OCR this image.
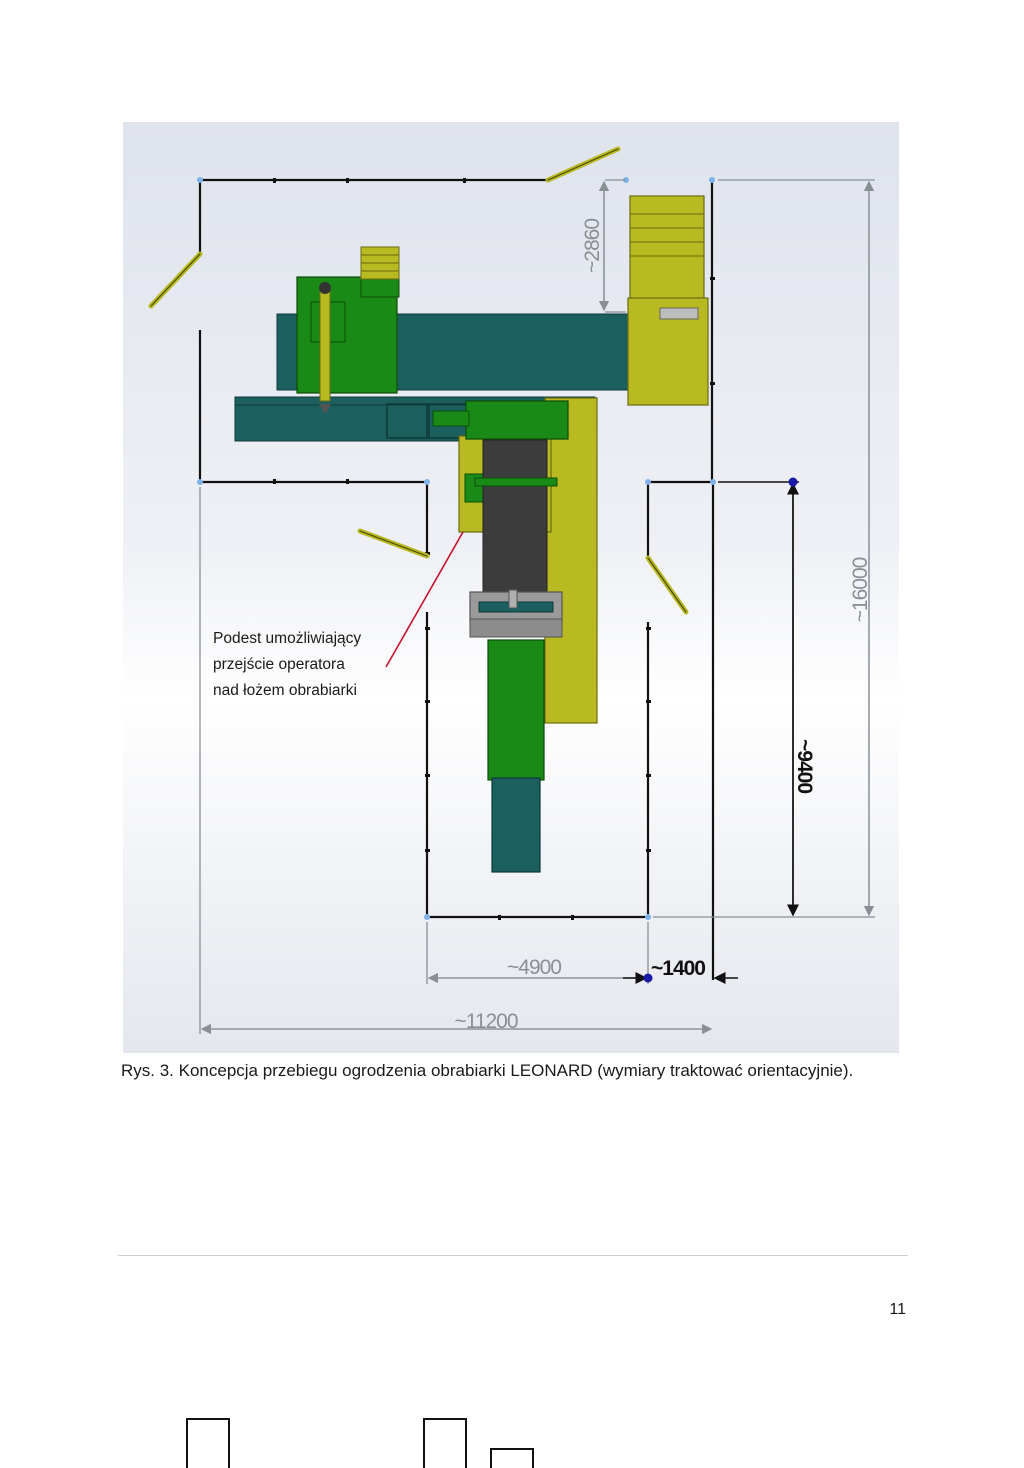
~2860
~16000
~9400
~4900	~1400
~11200
Podest umożliwiający
przejście operatora
nad łożem obrabiarki
Rys. 3. Koncepcja przebiegu ogrodzenia obrabiarki LEONARD (wymiary traktować orientacyjnie).
11
